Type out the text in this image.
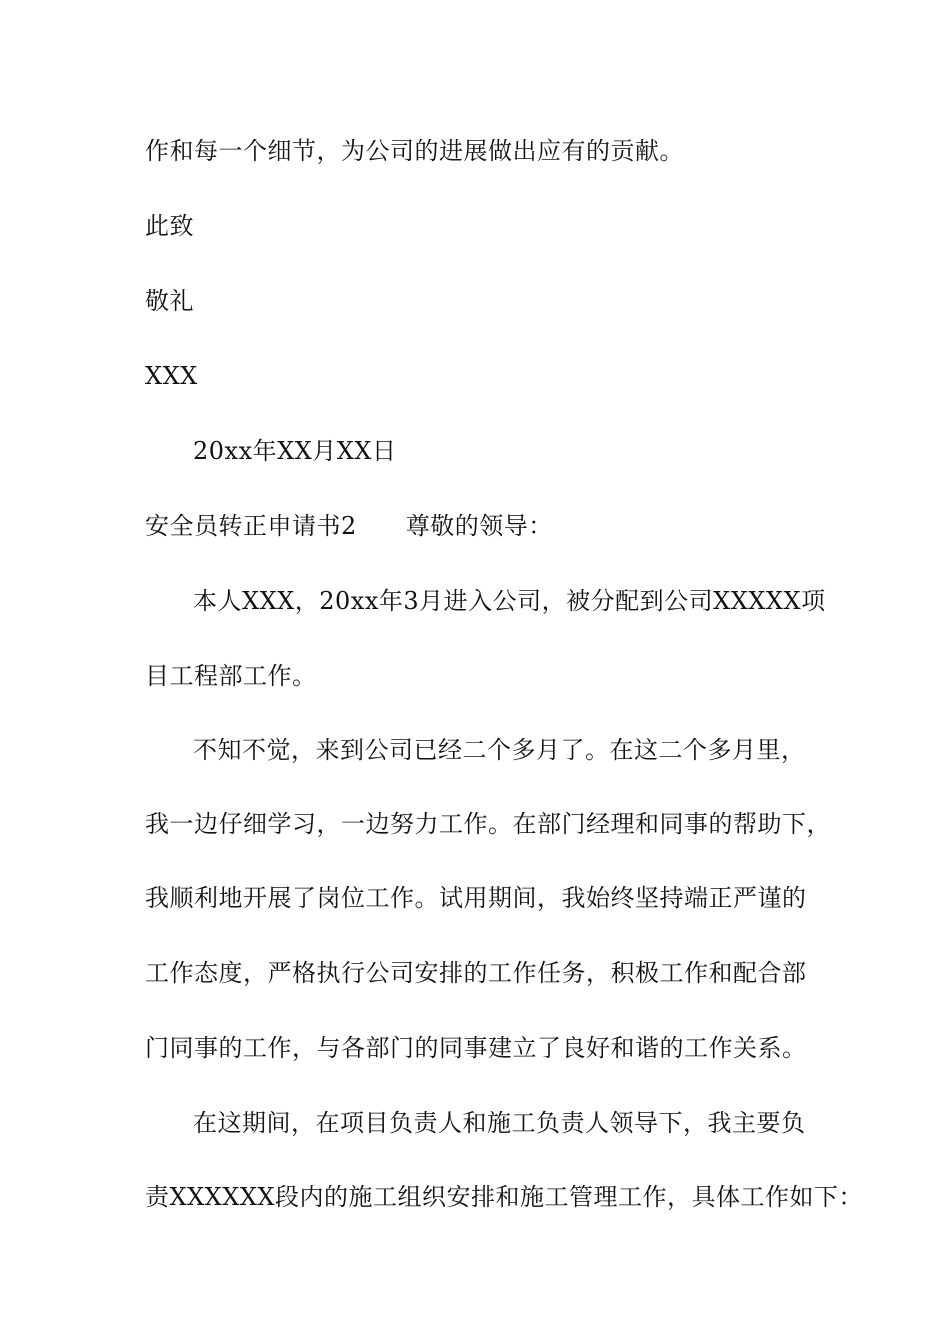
作和每一个细节，为公司的进展做出应有的贡献。
此致
敬礼
XXX
20xx年XX月XX日
安全员转正申请书2　　尊敬的领导：
本人XXX，20xx年3月进入公司，被分配到公司XXXXX项
目工程部工作。
不知不觉，来到公司已经二个多月了。在这二个多月里，
我一边仔细学习，一边努力工作。在部门经理和同事的帮助下，
我顺利地开展了岗位工作。试用期间，我始终坚持端正严谨的
工作态度，严格执行公司安排的工作任务，积极工作和配合部
门同事的工作，与各部门的同事建立了良好和谐的工作关系。
在这期间，在项目负责人和施工负责人领导下，我主要负
责XXXXXX段内的施工组织安排和施工管理工作，具体工作如下：
